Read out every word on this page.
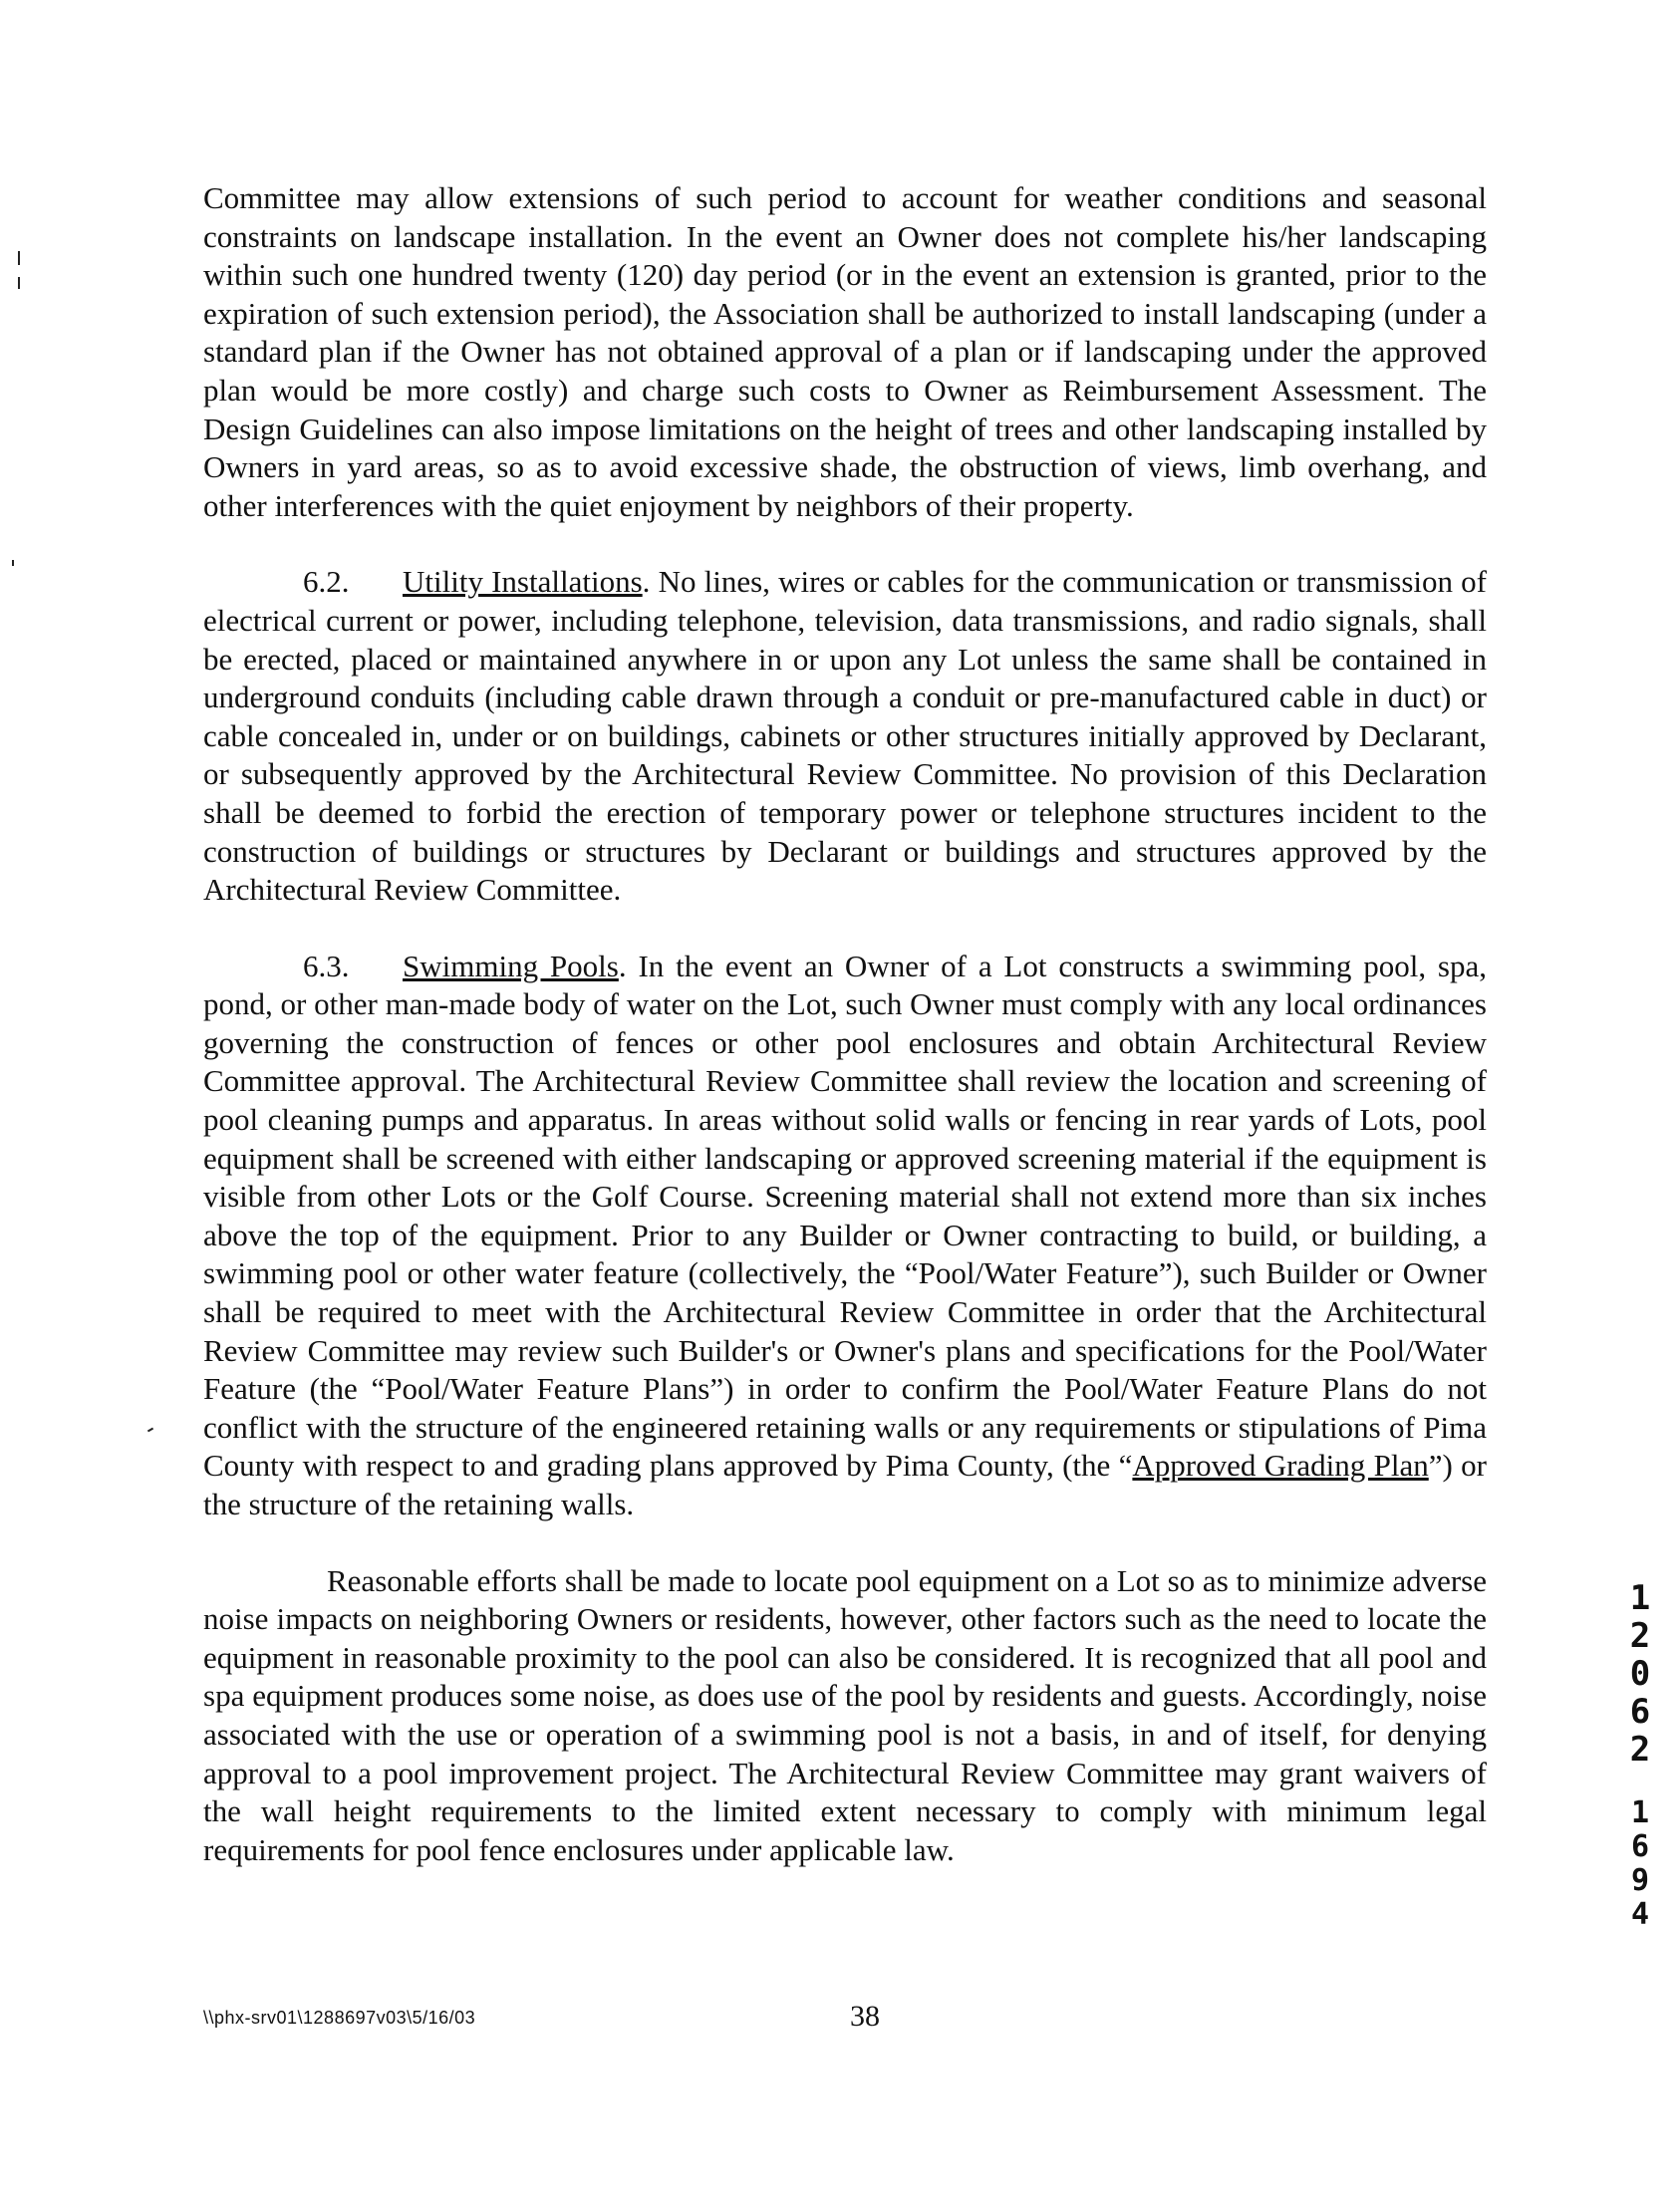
Committee may allow extensions of such period to account for weather conditions and seasonal constraints on landscape installation. In the event an Owner does not complete his/her landscaping within such one hundred twenty (120) day period (or in the event an extension is granted, prior to the expiration of such extension period), the Association shall be authorized to install landscaping (under a standard plan if the Owner has not obtained approval of a plan or if landscaping under the approved plan would be more costly) and charge such costs to Owner as Reimbursement Assessment. The Design Guidelines can also impose limitations on the height of trees and other landscaping installed by Owners in yard areas, so as to avoid excessive shade, the obstruction of views, limb overhang, and other interferences with the quiet enjoyment by neighbors of their property.

6.2. Utility Installations. No lines, wires or cables for the communication or transmission of electrical current or power, including telephone, television, data transmissions, and radio signals, shall be erected, placed or maintained anywhere in or upon any Lot unless the same shall be contained in underground conduits (including cable drawn through a conduit or pre-manufactured cable in duct) or cable concealed in, under or on buildings, cabinets or other structures initially approved by Declarant, or subsequently approved by the Architectural Review Committee. No provision of this Declaration shall be deemed to forbid the erection of temporary power or telephone structures incident to the construction of buildings or structures by Declarant or buildings and structures approved by the Architectural Review Committee.

6.3. Swimming Pools. In the event an Owner of a Lot constructs a swimming pool, spa, pond, or other man-made body of water on the Lot, such Owner must comply with any local ordinances governing the construction of fences or other pool enclosures and obtain Architectural Review Committee approval. The Architectural Review Committee shall review the location and screening of pool cleaning pumps and apparatus. In areas without solid walls or fencing in rear yards of Lots, pool equipment shall be screened with either landscaping or approved screening material if the equipment is visible from other Lots or the Golf Course. Screening material shall not extend more than six inches above the top of the equipment. Prior to any Builder or Owner contracting to build, or building, a swimming pool or other water feature (collectively, the “Pool/Water Feature”), such Builder or Owner shall be required to meet with the Architectural Review Committee in order that the Architectural Review Committee may review such Builder's or Owner's plans and specifications for the Pool/Water Feature (the “Pool/Water Feature Plans”) in order to confirm the Pool/Water Feature Plans do not conflict with the structure of the engineered retaining walls or any requirements or stipulations of Pima County with respect to and grading plans approved by Pima County, (the “Approved Grading Plan”) or the structure of the retaining walls.

Reasonable efforts shall be made to locate pool equipment on a Lot so as to minimize adverse noise impacts on neighboring Owners or residents, however, other factors such as the need to locate the equipment in reasonable proximity to the pool can also be considered. It is recognized that all pool and spa equipment produces some noise, as does use of the pool by residents and guests. Accordingly, noise associated with the use or operation of a swimming pool is not a basis, in and of itself, for denying approval to a pool improvement project. The Architectural Review Committee may grant waivers of the wall height requirements to the limited extent necessary to comply with minimum legal requirements for pool fence enclosures under applicable law.

1
2
0
6
2
1
6
9
4
\\phx-srv01\1288697v03\5/16/03	38
